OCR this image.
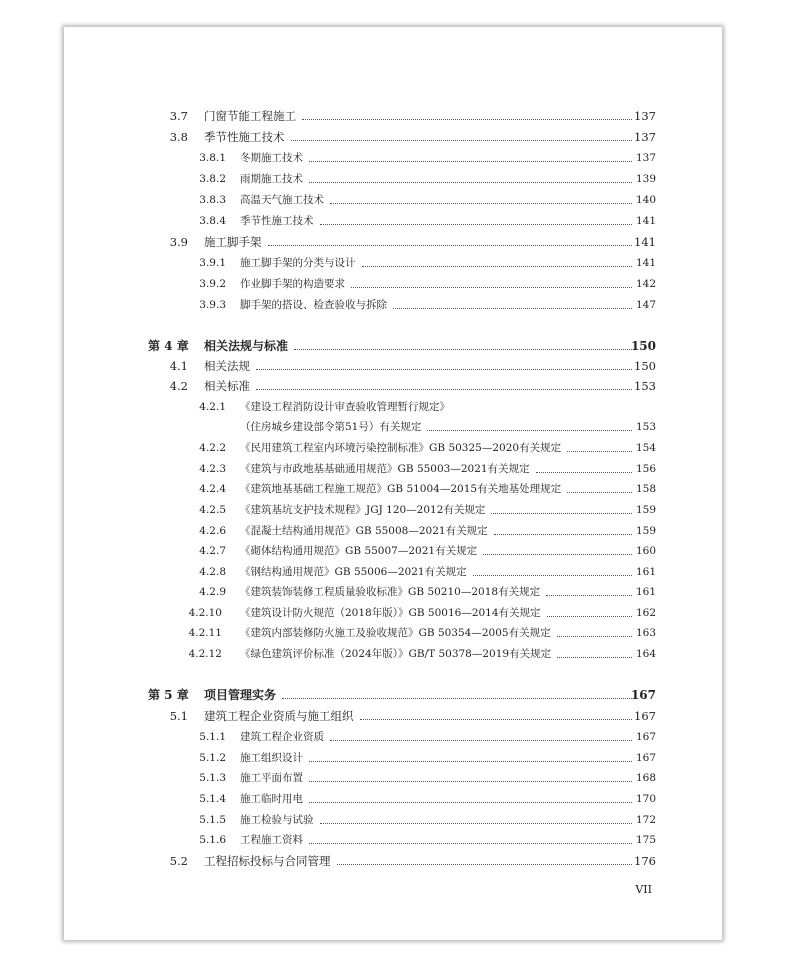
3.7 门窗节能工程施工	137
3.8 季节性施工技术	137
3.8.1 冬期施工技术	137
3.8.2 雨期施工技术	139
3.8.3 高温天气施工技术	140
3.8.4 季节性施工技术	141
3.9 施工脚手架	141
3.9.1 施工脚手架的分类与设计	141
3.9.2 作业脚手架的构造要求	142
3.9.3 脚手架的搭设、检查验收与拆除	147
第 4 章 相关法规与标准	150
4.1 相关法规	150
4.2 相关标准	153
4.2.1 《建设工程消防设计审查验收管理暂行规定》
（住房城乡建设部令第51号）有关规定	153
4.2.2 《民用建筑工程室内环境污染控制标准》GB 50325—2020有关规定	154
4.2.3 《建筑与市政地基基础通用规范》GB 55003—2021有关规定	156
4.2.4 《建筑地基基础工程施工规范》GB 51004—2015有关地基处理规定	158
4.2.5 《建筑基坑支护技术规程》JGJ 120—2012有关规定	159
4.2.6 《混凝土结构通用规范》GB 55008—2021有关规定	159
4.2.7 《砌体结构通用规范》GB 55007—2021有关规定	160
4.2.8 《钢结构通用规范》GB 55006—2021有关规定	161
4.2.9 《建筑装饰装修工程质量验收标准》GB 50210—2018有关规定	161
4.2.10 《建筑设计防火规范（2018年版）》GB 50016—2014有关规定	162
4.2.11 《建筑内部装修防火施工及验收规范》GB 50354—2005有关规定	163
4.2.12 《绿色建筑评价标准（2024年版）》GB/T 50378—2019有关规定	164
第 5 章 项目管理实务	167
5.1 建筑工程企业资质与施工组织	167
5.1.1 建筑工程企业资质	167
5.1.2 施工组织设计	167
5.1.3 施工平面布置	168
5.1.4 施工临时用电	170
5.1.5 施工检验与试验	172
5.1.6 工程施工资料	175
5.2 工程招标投标与合同管理	176
VII
